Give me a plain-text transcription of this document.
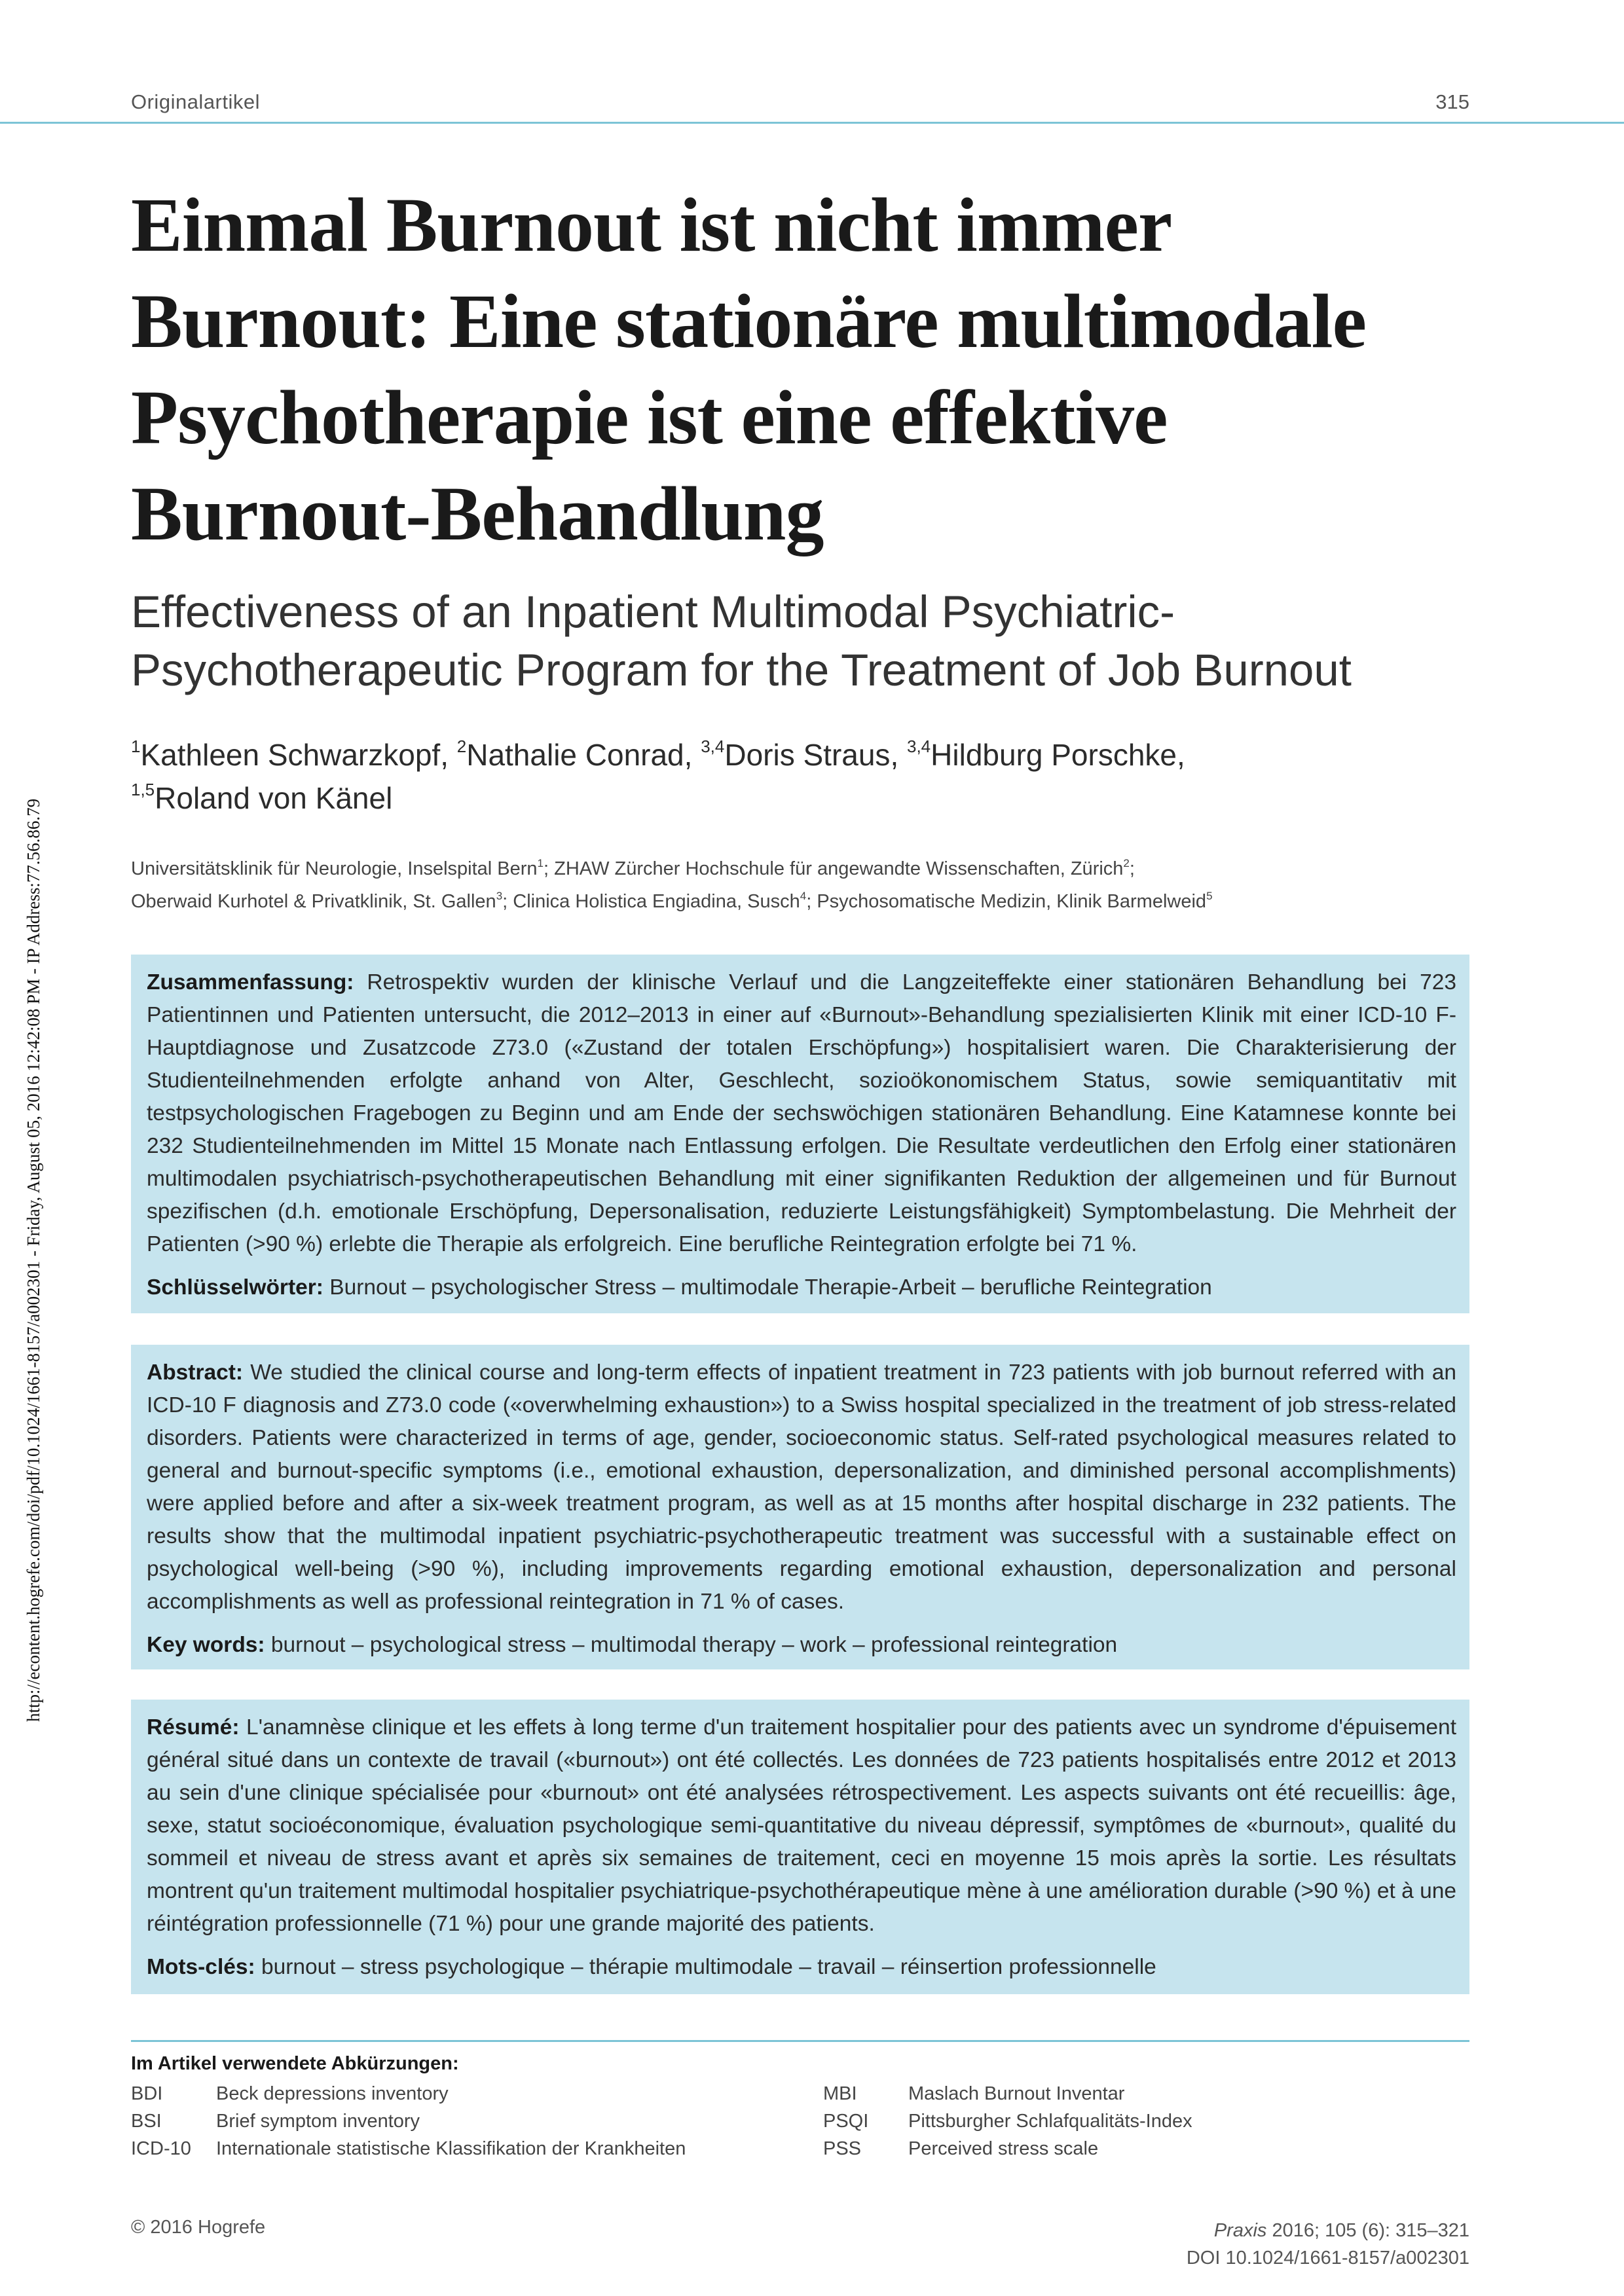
http://econtent.hogrefe.com/doi/pdf/10.1024/1661-8157/a002301 - Friday, August 05, 2016 12:42:08 PM - IP Address:77.56.86.79
Originalartikel	315
Einmal Burnout ist nicht immer Burnout: Eine stationäre multimodale Psychotherapie ist eine effektive Burnout-Behandlung
Effectiveness of an Inpatient Multimodal Psychiatric-Psychotherapeutic Program for the Treatment of Job Burnout
$^1$Kathleen Schwarzkopf, $^2$Nathalie Conrad, $^{3,4}$Doris Straus, $^{3,4}$Hildburg Porschke,
$^{1,5}$Roland von Känel
Universitätsklinik für Neurologie, Inselspital Bern$^1$; ZHAW Zürcher Hochschule für angewandte Wissenschaften, Zürich$^2$;
Oberwaid Kurhotel & Privatklinik, St. Gallen$^3$; Clinica Holistica Engiadina, Susch$^4$; Psychosomatische Medizin, Klinik Barmelweid$^5$

Zusammenfassung: Retrospektiv wurden der klinische Verlauf und die Langzeiteffekte einer stationären Behandlung bei 723 Patientinnen und Patienten untersucht, die 2012–2013 in einer auf «Burnout»-Behandlung spezialisierten Klinik mit einer ICD-10 F-Hauptdiagnose und Zusatzcode Z73.0 («Zustand der totalen Erschöpfung») hospitalisiert waren. Die Charakterisierung der Studienteilnehmenden erfolgte anhand von Alter, Geschlecht, sozioökonomischem Status, sowie semiquantitativ mit testpsychologischen Fragebogen zu Beginn und am Ende der sechswöchigen stationären Behandlung. Eine Katamnese konnte bei 232 Studienteilnehmenden im Mittel 15 Monate nach Entlassung erfolgen. Die Resultate verdeutlichen den Erfolg einer stationären multimodalen psychiatrisch-psychotherapeutischen Behandlung mit einer signifikanten Reduktion der allgemeinen und für Burnout spezifischen (d.h. emotionale Erschöpfung, Depersonalisation, reduzierte Leistungsfähigkeit) Symptombelastung. Die Mehrheit der Patienten (>90 %) erlebte die Therapie als erfolgreich. Eine berufliche Reintegration erfolgte bei 71 %.

Schlüsselwörter: Burnout – psychologischer Stress – multimodale Therapie-Arbeit – berufliche Reintegration

Abstract: We studied the clinical course and long-term effects of inpatient treatment in 723 patients with job burnout referred with an ICD-10 F diagnosis and Z73.0 code («overwhelming exhaustion») to a Swiss hospital specialized in the treatment of job stress-related disorders. Patients were characterized in terms of age, gender, socioeconomic status. Self-rated psychological measures related to general and burnout-specific symptoms (i.e., emotional exhaustion, depersonalization, and diminished personal accomplishments) were applied before and after a six-week treatment program, as well as at 15 months after hospital discharge in 232 patients. The results show that the multimodal inpatient psychiatric-psychotherapeutic treatment was successful with a sustainable effect on psychological well-being (>90 %), including improvements regarding emotional exhaustion, depersonalization and personal accomplishments as well as professional reintegration in 71 % of cases.

Key words: burnout – psychological stress – multimodal therapy – work – professional reintegration

Résumé: L'anamnèse clinique et les effets à long terme d'un traitement hospitalier pour des patients avec un syndrome d'épuisement général situé dans un contexte de travail («burnout») ont été collectés. Les données de 723 patients hospitalisés entre 2012 et 2013 au sein d'une clinique spécialisée pour «burnout» ont été analysées rétrospectivement. Les aspects suivants ont été recueillis: âge, sexe, statut socioéconomique, évaluation psychologique semi-quantitative du niveau dépressif, symptômes de «burnout», qualité du sommeil et niveau de stress avant et après six semaines de traitement, ceci en moyenne 15 mois après la sortie. Les résultats montrent qu'un traitement multimodal hospitalier psychiatrique-psychothérapeutique mène à une amélioration durable (>90 %) et à une réintégration professionnelle (71 %) pour une grande majorité des patients.

Mots-clés: burnout – stress psychologique – thérapie multimodale – travail – réinsertion professionnelle

Im Artikel verwendete Abkürzungen:
BDI	Beck depressions inventory
BSI	Brief symptom inventory
ICD-10	Internationale statistische Klassifikation der Krankheiten
MBI	Maslach Burnout Inventar
PSQI	Pittsburgher Schlafqualitäts-Index
PSS	Perceived stress scale
© 2016 Hogrefe	Praxis 2016; 105 (6): 315–321
DOI 10.1024/1661-8157/a002301
